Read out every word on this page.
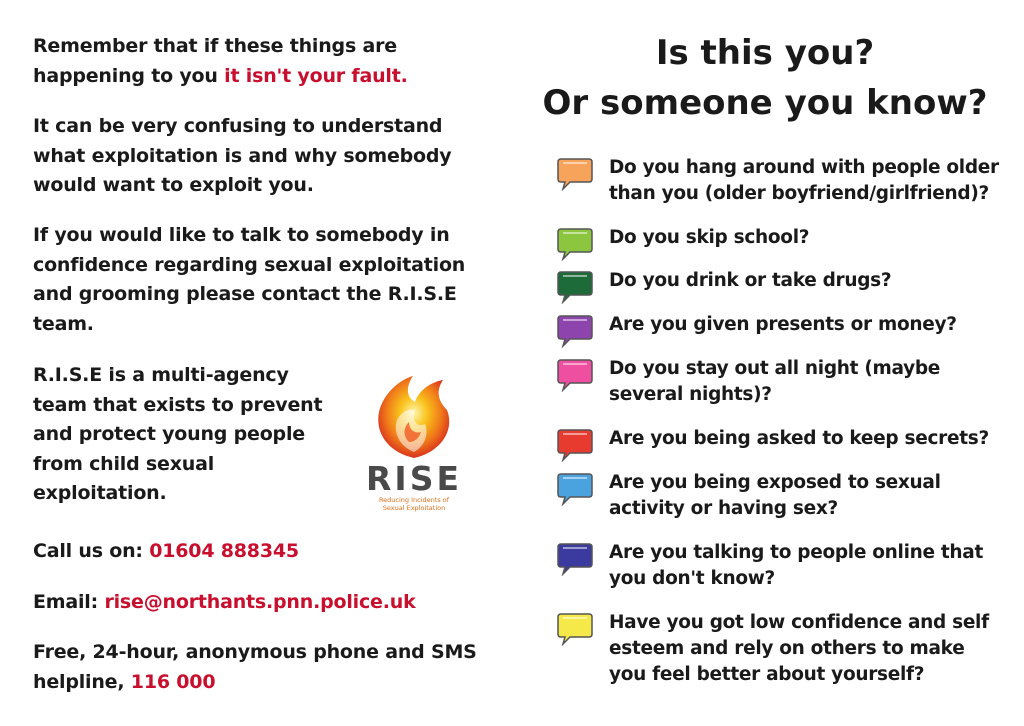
Remember that if these things are happening to you it isn't your fault.

It can be very confusing to understand what exploitation is and why somebody would want to exploit you.

If you would like to talk to somebody in confidence regarding sexual exploitation and grooming please contact the R.I.S.E team.

R.I.S.E is a multi-agency team that exists to prevent and protect young people from child sexual exploitation.

Call us on: 01604 888345

Email: rise@northants.pnn.police.uk

Free, 24-hour, anonymous phone and SMS helpline, 116 000

RISE
Reducing Incidents of
Sexual Exploitation
Is this you?
Or someone you know?
Do you hang around with people older than you (older boyfriend/girlfriend)?
Do you skip school?
Do you drink or take drugs?
Are you given presents or money?
Do you stay out all night (maybe several nights)?
Are you being asked to keep secrets?
Are you being exposed to sexual activity or having sex?
Are you talking to people online that you don't know?
Have you got low confidence and self esteem and rely on others to make you feel better about yourself?
